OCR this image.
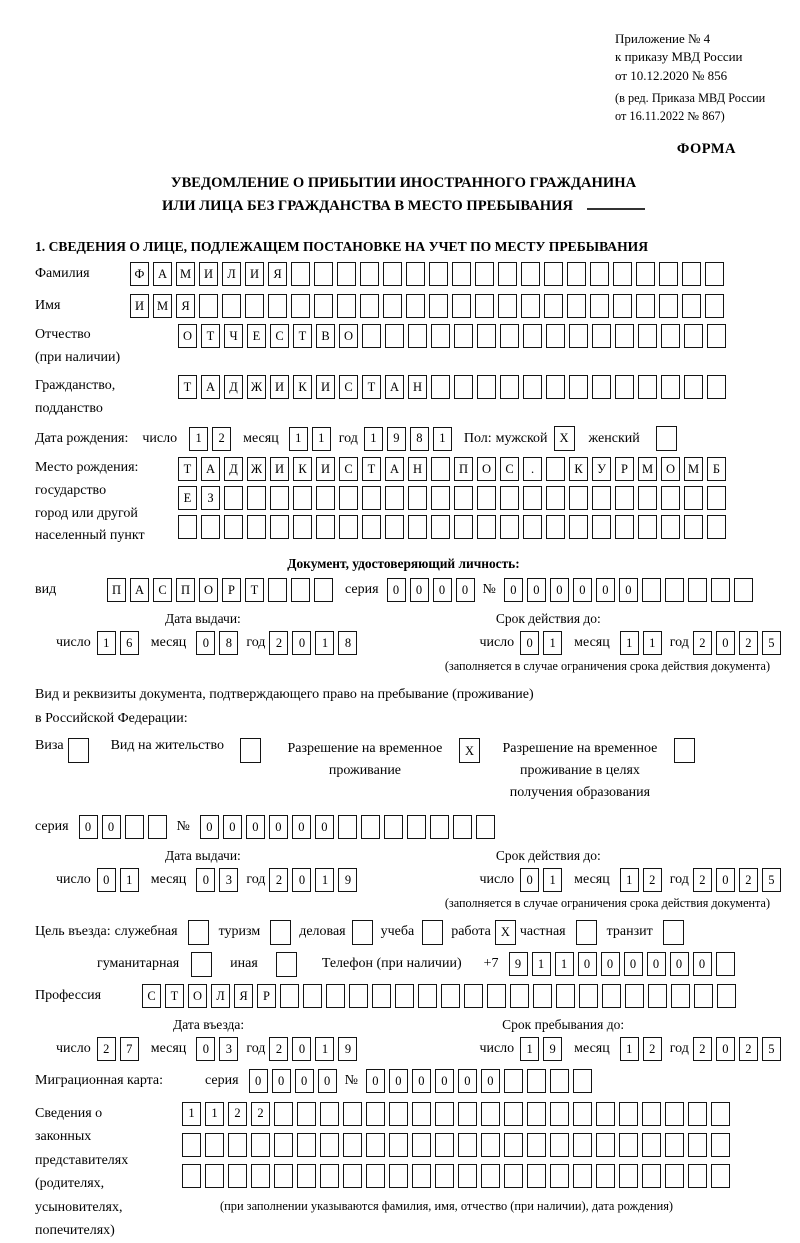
Приложение № 4
к приказу МВД России
от 10.12.2020 № 856
(в ред. Приказа МВД России
от 16.11.2022 № 867)
ФОРМА
УВЕДОМЛЕНИЕ О ПРИБЫТИИ ИНОСТРАННОГО ГРАЖДАНИНА
ИЛИ ЛИЦА БЕЗ ГРАЖДАНСТВА В МЕСТО ПРЕБЫВАНИЯ
1. СВЕДЕНИЯ О ЛИЦЕ, ПОДЛЕЖАЩЕМ ПОСТАНОВКЕ НА УЧЕТ ПО МЕСТУ ПРЕБЫВАНИЯ
Фамилия	Ф	А	М	И	Л	И	Я
Имя	И	М	Я
Отчество
(при наличии)
О	Т	Ч	Е	С	Т	В	О
Гражданство,
подданство
Т	А	Д	Ж	И	К	И	С	Т	А	Н
Дата рождения: число	1	2	месяц	1	1	год 1	9	8	1	Пол: мужской X	женский
Место рождения:
государство
город или другой
населенный пункт
Т	А	Д	Ж	И	К	И	С	Т	А	Н	П	О	С	.	К	У	Р	М	О	М	Б
Е	З
Документ, удостоверяющий личность:
вид	П	А	С	П	О	Р	Т	серия	0	0	0	0	№	0	0	0	0	0	0
Дата выдачи:	Срок действия до:
число 1	6	месяц	0	8	год 2	0	1	8	число 0	1	месяц	1	1	год 2	0	2	5
(заполняется в случае ограничения срока действия документа)
Вид и реквизиты документа, подтверждающего право на пребывание (проживание)
в Российской Федерации:
Виза	Вид на жительство	Разрешение на временное
проживание
X	Разрешение на временное
проживание в целях
получения образования
серия	0	0	№	0	0	0	0	0	0
Дата выдачи:	Срок действия до:
число 0	1	месяц	0	3	год 2	0	1	9	число 0	1	месяц	1	2	год 2	0	2	5
(заполняется в случае ограничения срока действия документа)
Цель въезда: служебная	туризм	деловая	учеба	работа X частная	транзит
гуманитарная	иная	Телефон (при наличии) +7	9	1	1	0	0	0	0	0	0
Профессия	С	Т	О	Л	Я	Р
Дата въезда:	Срок пребывания до:
число 2	7	месяц	0	3	год 2	0	1	9	число 1	9	месяц	1	2	год 2	0	2	5
Миграционная карта:	серия	0	0	0	0	№	0	0	0	0	0	0
Сведения о
законных
представителях
(родителях,
усыновителях,
попечителях)
1	1	2	2
(при заполнении указываются фамилия, имя, отчество (при наличии), дата рождения)
